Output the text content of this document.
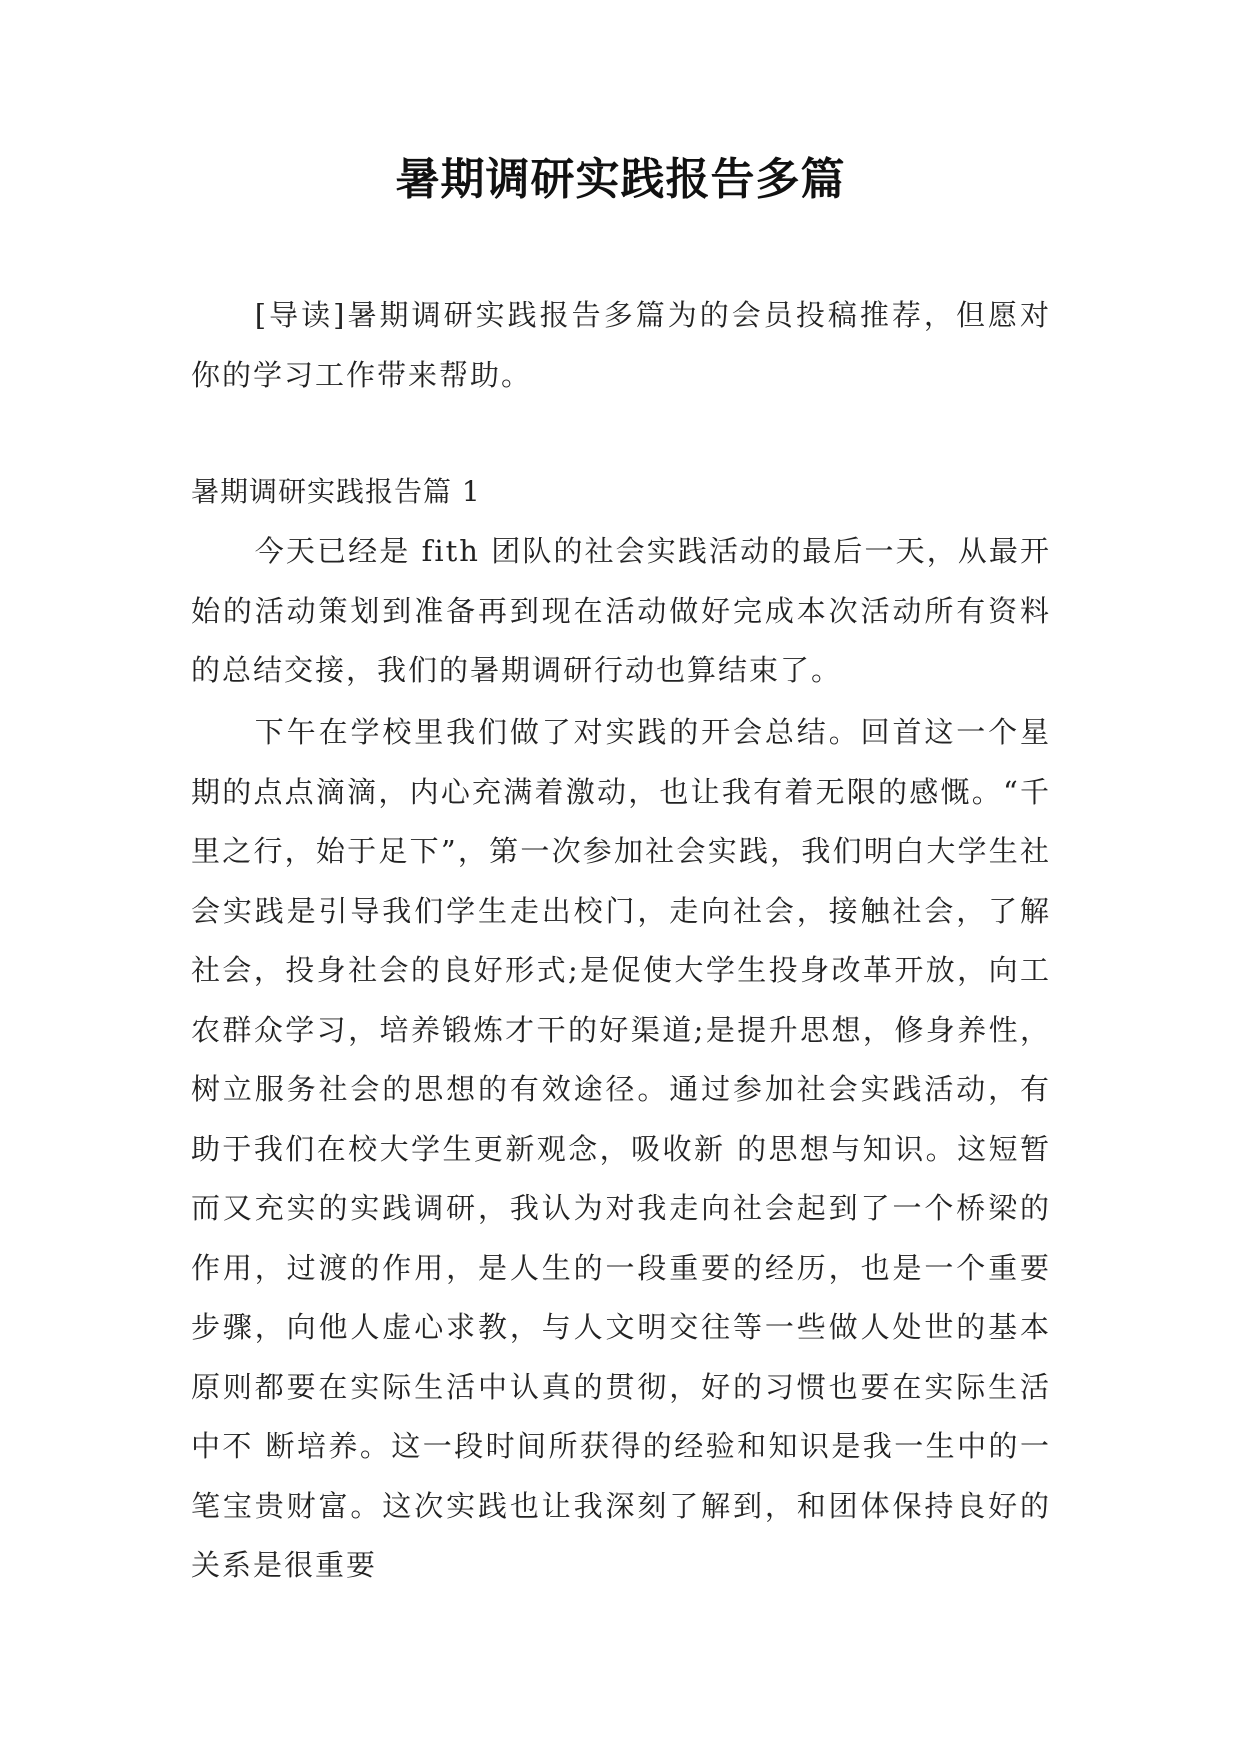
暑期调研实践报告多篇
[导读]暑期调研实践报告多篇为的会员投稿推荐，但愿对你的学习工作带来帮助。
暑期调研实践报告篇 1
今天已经是 fith 团队的社会实践活动的最后一天，从最开始的活动策划到准备再到现在活动做好完成本次活动所有资料的总结交接，我们的暑期调研行动也算结束了。
下午在学校里我们做了对实践的开会总结。回首这一个星期的点点滴滴，内心充满着激动，也让我有着无限的感慨。“千里之行，始于足下”，第一次参加社会实践，我们明白大学生社会实践是引导我们学生走出校门，走向社会，接触社会，了解社会，投身社会的良好形式;是促使大学生投身改革开放，向工农群众学习，培养锻炼才干的好渠道;是提升思想，修身养性，树立服务社会的思想的有效途径。通过参加社会实践活动，有助于我们在校大学生更新观念，吸收新 的思想与知识。这短暂而又充实的实践调研，我认为对我走向社会起到了一个桥梁的作用，过渡的作用，是人生的一段重要的经历，也是一个重要步骤，向他人虚心求教，与人文明交往等一些做人处世的基本原则都要在实际生活中认真的贯彻，好的习惯也要在实际生活中不 断培养。这一段时间所获得的经验和知识是我一生中的一笔宝贵财富。这次实践也让我深刻了解到，和团体保持良好的关系是很重要
